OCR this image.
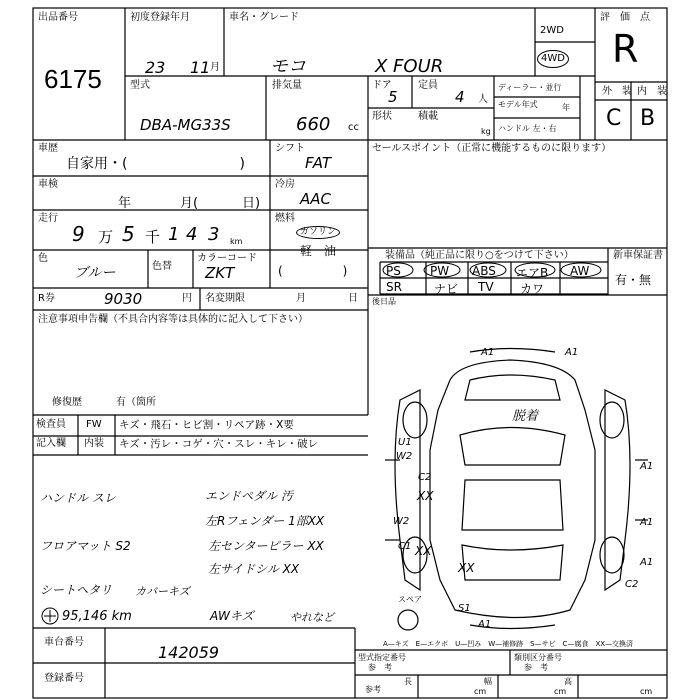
出品番号
6175
初度登録年月
23 11 月
車名・グレード
モコ	X FOUR
2WD
4WD
評　価　点
R
外　装 内　装
C B
型式
DBA-MG33S
排気量
660 cc
ドア
5
定員
4 人
形状	積載
kg
ディーラー・並行
モデル年式	年
ハンドル 左・右
車歴
自家用・(　　　　　　　　)
シフト
FAT
セールスポイント（正常に機能するものに限ります）
車検
年	月(	日)
冷房
AAC
走行
9 万 5 千 1 4 3 km
燃料
ガソリン
軽　油
(　　　　　)
色
ブルー	色替
カラーコード
ZKT
R券	9030	円 名変期限	月	日
装備品（純正品に限り○をつけて下さい）
PS PW ABS エアB AW
SR	ナビ TV カワ
新車保証書
有・無
後日品
注意事項申告欄（不具合内容等は具体的に記入して下さい）
修復歴	有（箇所
検査員
記入欄
FW キズ・飛石・ヒビ割・リペア跡・X要
内装 キズ・汚レ・コゲ・穴・スレ・キレ・破レ
ハンドル スレ	エンドペダル 汚
左Rフェンダー 1部XX
フロアマット S2	左センターピラー XX
左サイドシル XX
シートヘタリ カバーキズ
95,146 km	AWキズ	やれなど
A1	A1
脱着
U1
W2
C2
XX
W2
C1 XX
XX
A1
A1
A1
C2
スペア
S1
A1
車台番号
142059
登録番号
A—キズ　E—エクボ　U—凹み　W—補修跡　S—サビ　C—腐食　XX—交換済
型式指定番号
参　考
類別区分番号
参　考
参考
長	幅	高
cm	cm	cm
